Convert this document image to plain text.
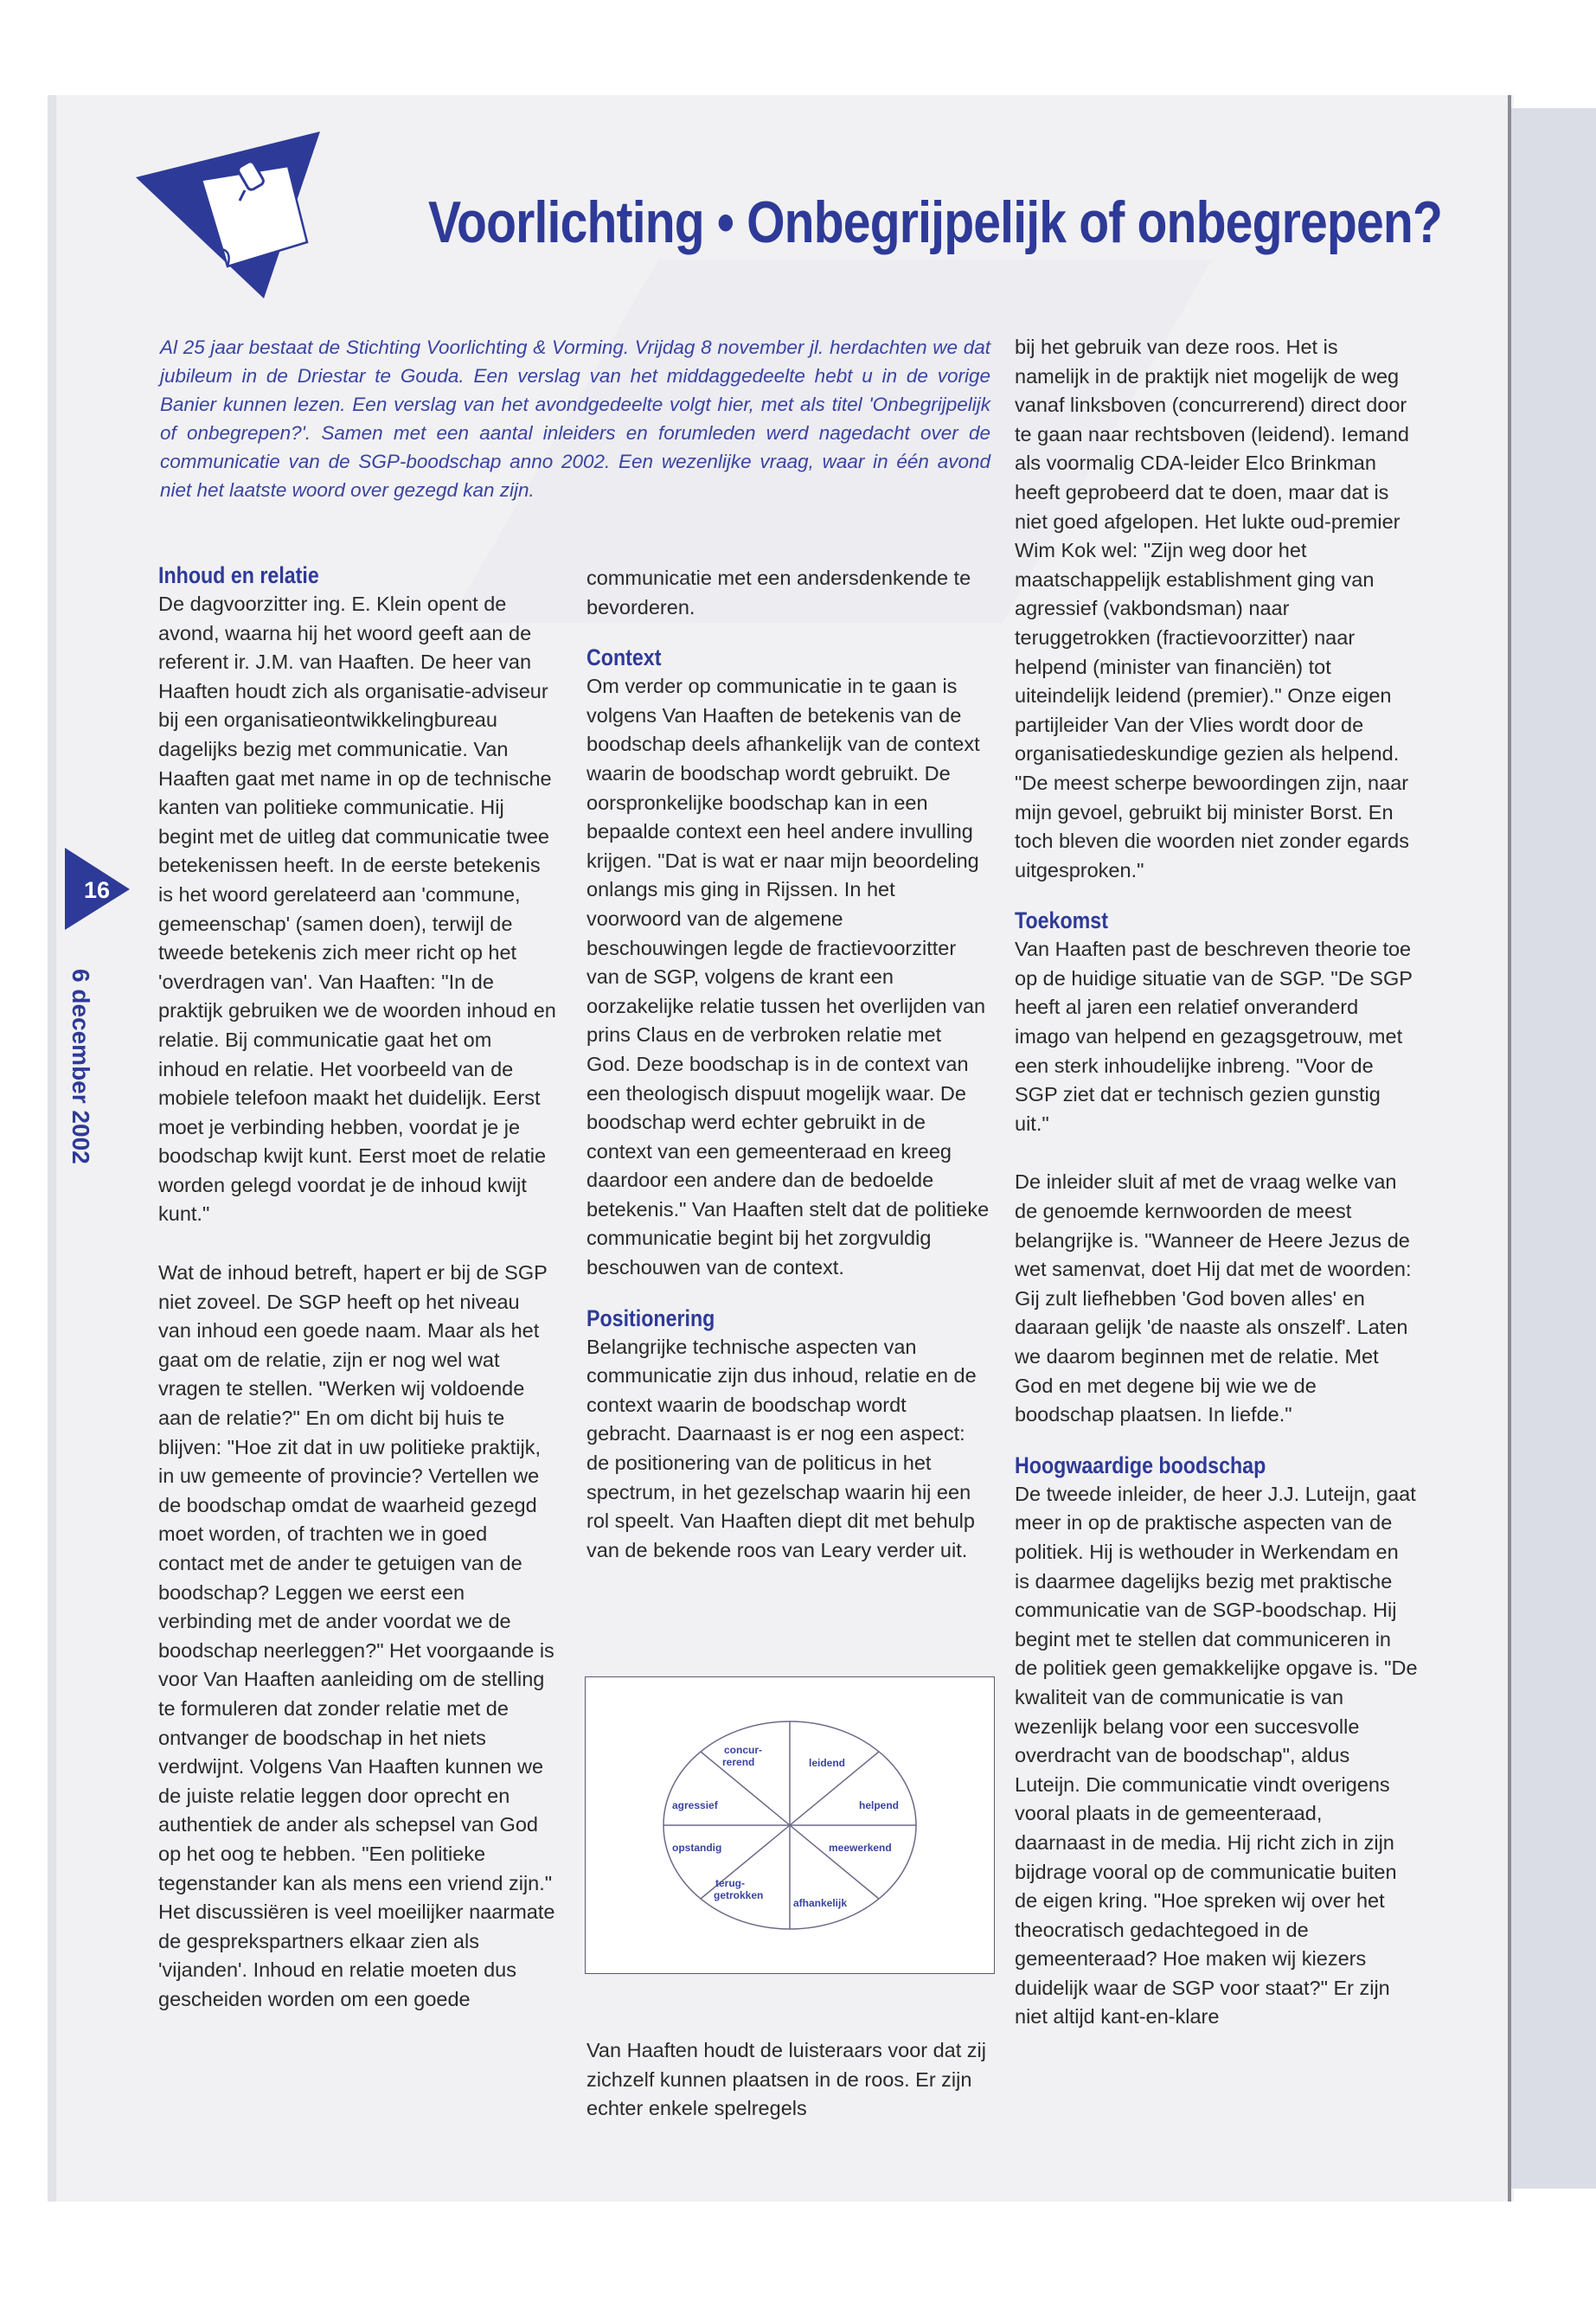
Voorlichting • Onbegrijpelijk of onbegrepen?
Al 25 jaar bestaat de Stichting Voorlichting & Vorming. Vrijdag 8 november jl. herdachten we dat jubileum in de Driestar te Gouda. Een verslag van het middaggedeelte hebt u in de vorige Banier kunnen lezen. Een verslag van het avondgedeelte volgt hier, met als titel 'Onbegrijpelijk of onbegrepen?'. Samen met een aantal inleiders en forumleden werd nagedacht over de communicatie van de SGP-boodschap anno 2002. Een wezenlijke vraag, waar in één avond niet het laatste woord over gezegd kan zijn.
16
6 december 2002
Inhoud en relatie

De dagvoorzitter ing. E. Klein opent de avond, waarna hij het woord geeft aan de referent ir. J.M. van Haaften. De heer van Haaften houdt zich als organisatie-adviseur bij een organisatieontwikkelingbureau dagelijks bezig met communicatie. Van Haaften gaat met name in op de technische kanten van politieke communicatie. Hij begint met de uitleg dat communicatie twee betekenissen heeft. In de eerste betekenis is het woord gerelateerd aan 'commune, gemeenschap' (samen doen), terwijl de tweede betekenis zich meer richt op het 'overdragen van'. Van Haaften: "In de praktijk gebruiken we de woorden inhoud en relatie. Bij communicatie gaat het om inhoud en relatie. Het voorbeeld van de mobiele telefoon maakt het duidelijk. Eerst moet je verbinding hebben, voordat je je boodschap kwijt kunt. Eerst moet de relatie worden gelegd voordat je de inhoud kwijt kunt."

Wat de inhoud betreft, hapert er bij de SGP niet zoveel. De SGP heeft op het niveau van inhoud een goede naam. Maar als het gaat om de relatie, zijn er nog wel wat vragen te stellen. "Werken wij voldoende aan de relatie?" En om dicht bij huis te blijven: "Hoe zit dat in uw politieke praktijk, in uw gemeente of provincie? Vertellen we de boodschap omdat de waarheid gezegd moet worden, of trachten we in goed contact met de ander te getuigen van de boodschap? Leggen we eerst een verbinding met de ander voordat we de boodschap neerleggen?" Het voorgaande is voor Van Haaften aanleiding om de stelling te formuleren dat zonder relatie met de ontvanger de boodschap in het niets verdwijnt. Volgens Van Haaften kunnen we de juiste relatie leggen door oprecht en authentiek de ander als schepsel van God op het oog te hebben. "Een politieke tegenstander kan als mens een vriend zijn." Het discussiëren is veel moeilijker naarmate de gesprekspartners elkaar zien als 'vijanden'. Inhoud en relatie moeten dus gescheiden worden om een goede

communicatie met een andersdenkende te bevorderen.

Context

Om verder op communicatie in te gaan is volgens Van Haaften de betekenis van de boodschap deels afhankelijk van de context waarin de boodschap wordt gebruikt. De oorspronkelijke boodschap kan in een bepaalde context een heel andere invulling krijgen. "Dat is wat er naar mijn beoordeling onlangs mis ging in Rijssen. In het voorwoord van de algemene beschouwingen legde de fractievoorzitter van de SGP, volgens de krant een oorzakelijke relatie tussen het overlijden van prins Claus en de verbroken relatie met God. Deze boodschap is in de context van een theologisch dispuut mogelijk waar. De boodschap werd echter gebruikt in de context van een gemeenteraad en kreeg daardoor een andere dan de bedoelde betekenis." Van Haaften stelt dat de politieke communicatie begint bij het zorgvuldig beschouwen van de context.

Positionering

Belangrijke technische aspecten van communicatie zijn dus inhoud, relatie en de context waarin de boodschap wordt gebracht. Daarnaast is er nog een aspect: de positionering van de politicus in het spectrum, in het gezelschap waarin hij een rol speelt. Van Haaften diept dit met behulp van de bekende roos van Leary verder uit.

concur-rerend	leidend
agressief	helpend
opstandig	meewerkend
terug-getrokken
afhankelijk

Van Haaften houdt de luisteraars voor dat zij zichzelf kunnen plaatsen in de roos. Er zijn echter enkele spelregels

bij het gebruik van deze roos. Het is namelijk in de praktijk niet mogelijk de weg vanaf linksboven (concurrerend) direct door te gaan naar rechtsboven (leidend). Iemand als voormalig CDA-leider Elco Brinkman heeft geprobeerd dat te doen, maar dat is niet goed afgelopen. Het lukte oud-premier Wim Kok wel: "Zijn weg door het maatschappelijk establishment ging van agressief (vakbondsman) naar teruggetrokken (fractievoorzitter) naar helpend (minister van financiën) tot uiteindelijk leidend (premier)." Onze eigen partijleider Van der Vlies wordt door de organisatiedeskundige gezien als helpend. "De meest scherpe bewoordingen zijn, naar mijn gevoel, gebruikt bij minister Borst. En toch bleven die woorden niet zonder egards uitgesproken."

Toekomst

Van Haaften past de beschreven theorie toe op de huidige situatie van de SGP. "De SGP heeft al jaren een relatief onveranderd imago van helpend en gezagsgetrouw, met een sterk inhoudelijke inbreng. "Voor de SGP ziet dat er technisch gezien gunstig uit."

De inleider sluit af met de vraag welke van de genoemde kernwoorden de meest belangrijke is. "Wanneer de Heere Jezus de wet samenvat, doet Hij dat met de woorden: Gij zult liefhebben 'God boven alles' en daaraan gelijk 'de naaste als onszelf'. Laten we daarom beginnen met de relatie. Met God en met degene bij wie we de boodschap plaatsen. In liefde."

Hoogwaardige boodschap

De tweede inleider, de heer J.J. Luteijn, gaat meer in op de praktische aspecten van de politiek. Hij is wethouder in Werkendam en is daarmee dagelijks bezig met praktische communicatie van de SGP-boodschap. Hij begint met te stellen dat communiceren in de politiek geen gemakkelijke opgave is. "De kwaliteit van de communicatie is van wezenlijk belang voor een succesvolle overdracht van de boodschap", aldus Luteijn. Die communicatie vindt overigens vooral plaats in de gemeenteraad, daarnaast in de media. Hij richt zich in zijn bijdrage vooral op de communicatie buiten de eigen kring. "Hoe spreken wij over het theocratisch gedachtegoed in de gemeenteraad? Hoe maken wij kiezers duidelijk waar de SGP voor staat?" Er zijn niet altijd kant-en-klare
